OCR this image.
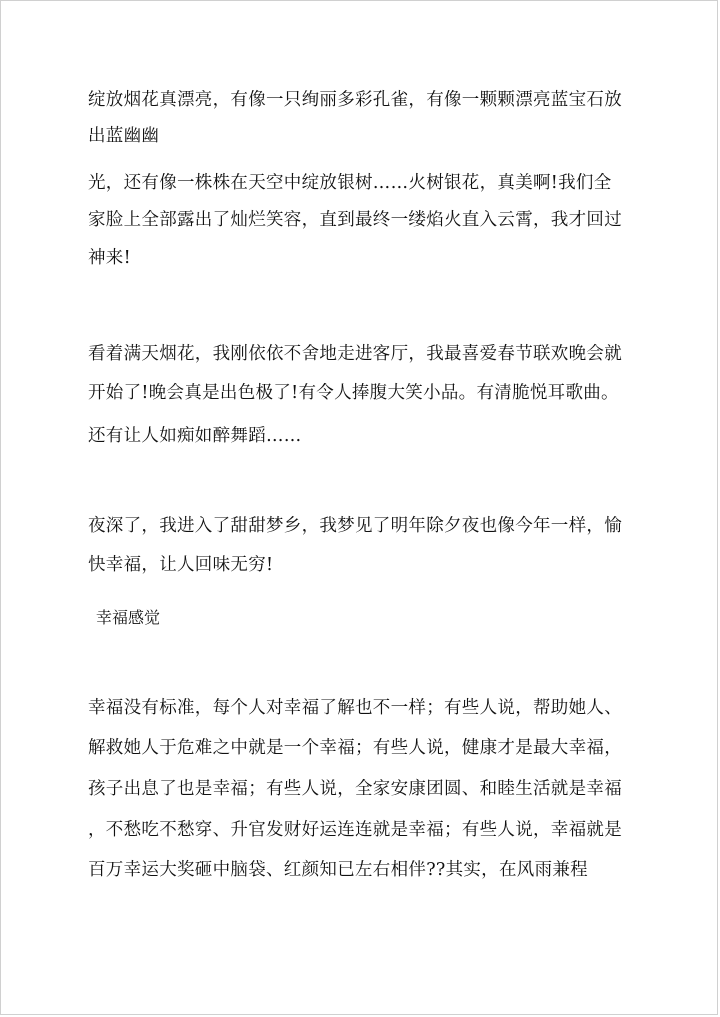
绽放烟花真漂亮，有像一只绚丽多彩孔雀，有像一颗颗漂亮蓝宝石放
出蓝幽幽
光，还有像一株株在天空中绽放银树……火树银花，真美啊!我们全
家脸上全部露出了灿烂笑容，直到最终一缕焰火直入云霄，我才回过
神来!
看着满天烟花，我刚依依不舍地走进客厅，我最喜爱春节联欢晚会就
开始了!晚会真是出色极了!有令人捧腹大笑小品。有清脆悦耳歌曲。
还有让人如痴如醉舞蹈……
夜深了，我进入了甜甜梦乡，我梦见了明年除夕夜也像今年一样，愉
快幸福，让人回味无穷!
幸福感觉
幸福没有标准，每个人对幸福了解也不一样；有些人说，帮助她人、
解救她人于危难之中就是一个幸福；有些人说，健康才是最大幸福，
孩子出息了也是幸福；有些人说，全家安康团圆、和睦生活就是幸福
，不愁吃不愁穿、升官发财好运连连就是幸福；有些人说，幸福就是
百万幸运大奖砸中脑袋、红颜知已左右相伴??其实，在风雨兼程
